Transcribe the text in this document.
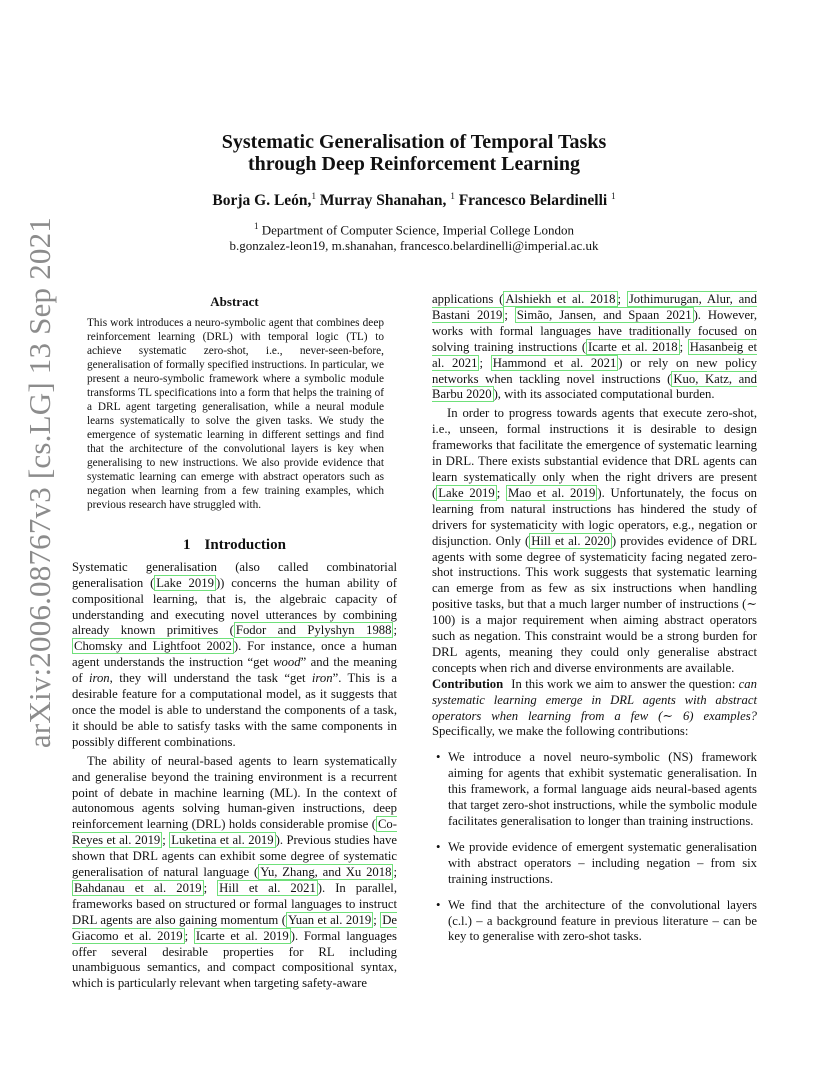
arXiv:2006.08767v3 [cs.LG] 13 Sep 2021
Systematic Generalisation of Temporal Tasks
through Deep Reinforcement Learning
Borja G. León,$^1$ Murray Shanahan, $^1$ Francesco Belardinelli $^1$
$^1$ Department of Computer Science, Imperial College London
b.gonzalez-leon19, m.shanahan, francesco.belardinelli@imperial.ac.uk
Abstract
This work introduces a neuro-symbolic agent that combines deep reinforcement learning (DRL) with temporal logic (TL) to achieve systematic zero-shot, i.e., never-seen-before, generalisation of formally specified instructions. In particular, we present a neuro-symbolic framework where a symbolic module transforms TL specifications into a form that helps the training of a DRL agent targeting generalisation, while a neural module learns systematically to solve the given tasks. We study the emergence of systematic learning in different settings and find that the architecture of the convolutional layers is key when generalising to new instructions. We also provide evidence that systematic learning can emerge with abstract operators such as negation when learning from a few training examples, which previous research have struggled with.
1 Introduction

Systematic generalisation (also called combinatorial generalisation ( Lake 2019 )) concerns the human ability of compositional learning, that is, the algebraic capacity of understanding and executing novel utterances by combining already known primitives ( Fodor and Pylyshyn 1988 ; Chomsky and Lightfoot 2002 ). For instance, once a human agent understands the instruction “get wood” and the meaning of iron, they will understand the task “get iron”. This is a desirable feature for a computational model, as it suggests that once the model is able to understand the components of a task, it should be able to satisfy tasks with the same components in possibly different combinations.

The ability of neural-based agents to learn systematically and generalise beyond the training environment is a recurrent point of debate in machine learning (ML). In the context of autonomous agents solving human-given instructions, deep reinforcement learning (DRL) holds considerable promise ( Co-Reyes et al. 2019 ; Luketina et al. 2019 ). Previous studies have shown that DRL agents can exhibit some degree of systematic generalisation of natural language ( Yu, Zhang, and Xu 2018 ; Bahdanau et al. 2019 ; Hill et al. 2021 ). In parallel, frameworks based on structured or formal languages to instruct DRL agents are also gaining momentum ( Yuan et al. 2019 ; De Giacomo et al. 2019 ; Icarte et al. 2019 ). Formal languages offer several desirable properties for RL including unambiguous semantics, and compact compositional syntax, which is particularly relevant when targeting safety-aware

applications ( Alshiekh et al. 2018 ; Jothimurugan, Alur, and Bastani 2019 ; Simão, Jansen, and Spaan 2021 ). However, works with formal languages have traditionally focused on solving training instructions ( Icarte et al. 2018 ; Hasanbeig et al. 2021 ; Hammond et al. 2021 ) or rely on new policy networks when tackling novel instructions ( Kuo, Katz, and Barbu 2020 ), with its associated computational burden.

In order to progress towards agents that execute zero-shot, i.e., unseen, formal instructions it is desirable to design frameworks that facilitate the emergence of systematic learning in DRL. There exists substantial evidence that DRL agents can learn systematically only when the right drivers are present ( Lake 2019 ; Mao et al. 2019 ). Unfortunately, the focus on learning from natural instructions has hindered the study of drivers for systematicity with logic operators, e.g., negation or disjunction. Only ( Hill et al. 2020 ) provides evidence of DRL agents with some degree of systematicity facing negated zero-shot instructions. This work suggests that systematic learning can emerge from as few as six instructions when handling positive tasks, but that a much larger number of instructions (∼ 100) is a major requirement when aiming abstract operators such as negation. This constraint would be a strong burden for DRL agents, meaning they could only generalise abstract concepts when rich and diverse environments are available.

Contribution In this work we aim to answer the question: can systematic learning emerge in DRL agents with abstract operators when learning from a few (∼ 6) examples? Specifically, we make the following contributions:

• We introduce a novel neuro-symbolic (NS) framework aiming for agents that exhibit systematic generalisation. In this framework, a formal language aids neural-based agents that target zero-shot instructions, while the symbolic module facilitates generalisation to longer than training instructions.
• We provide evidence of emergent systematic generalisation with abstract operators – including negation – from six training instructions.
• We find that the architecture of the convolutional layers (c.l.) – a background feature in previous literature – can be key to generalise with zero-shot tasks.
